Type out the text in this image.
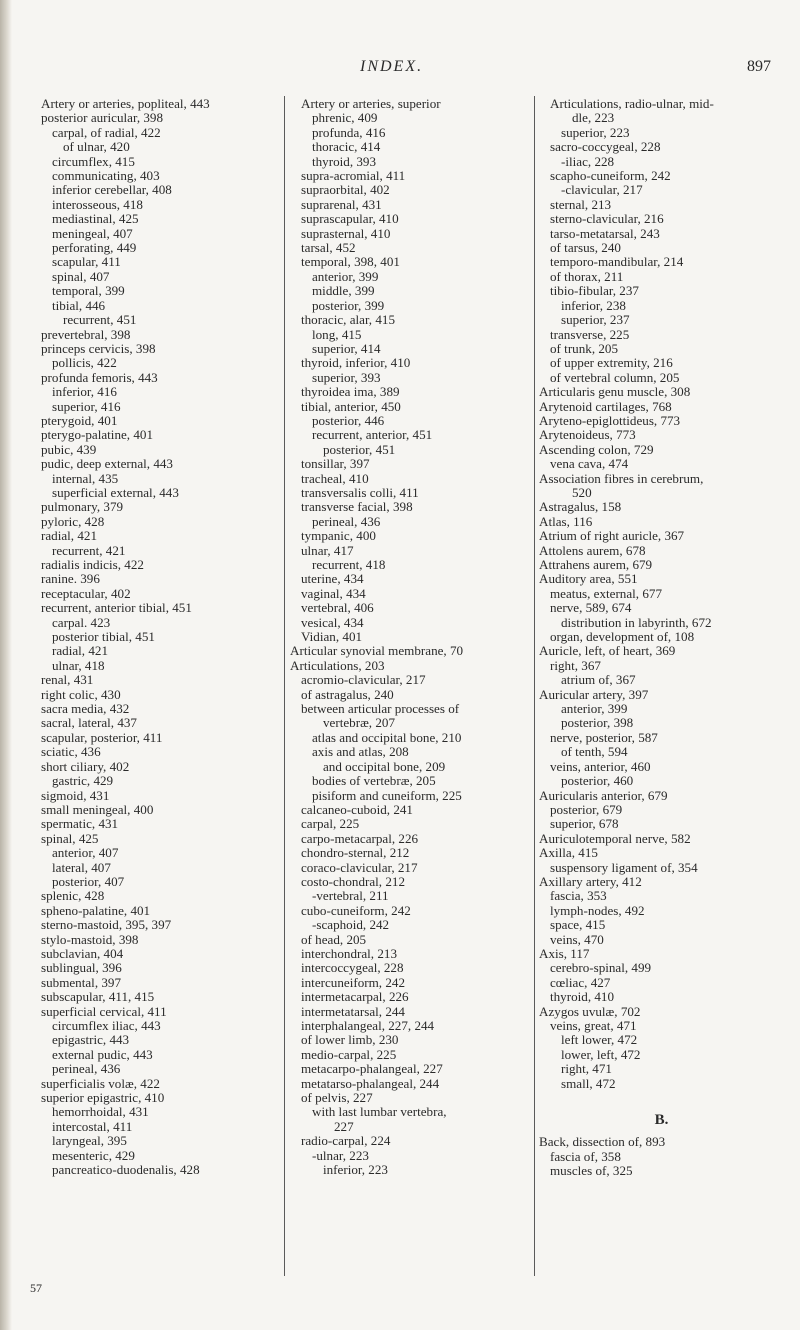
INDEX.	897
Artery or arteries, popliteal, 443
posterior auricular, 398
carpal, of radial, 422
of ulnar, 420
circumflex, 415
communicating, 403
inferior cerebellar, 408
interosseous, 418
mediastinal, 425
meningeal, 407
perforating, 449
scapular, 411
spinal, 407
temporal, 399
tibial, 446
recurrent, 451
prevertebral, 398
princeps cervicis, 398
pollicis, 422
profunda femoris, 443
inferior, 416
superior, 416
pterygoid, 401
pterygo-palatine, 401
pubic, 439
pudic, deep external, 443
internal, 435
superficial external, 443
pulmonary, 379
pyloric, 428
radial, 421
recurrent, 421
radialis indicis, 422
ranine. 396
receptacular, 402
recurrent, anterior tibial, 451
carpal. 423
posterior tibial, 451
radial, 421
ulnar, 418
renal, 431
right colic, 430
sacra media, 432
sacral, lateral, 437
scapular, posterior, 411
sciatic, 436
short ciliary, 402
gastric, 429
sigmoid, 431
small meningeal, 400
spermatic, 431
spinal, 425
anterior, 407
lateral, 407
posterior, 407
splenic, 428
spheno-palatine, 401
sterno-mastoid, 395, 397
stylo-mastoid, 398
subclavian, 404
sublingual, 396
submental, 397
subscapular, 411, 415
superficial cervical, 411
circumflex iliac, 443
epigastric, 443
external pudic, 443
perineal, 436
superficialis volæ, 422
superior epigastric, 410
hemorrhoidal, 431
intercostal, 411
laryngeal, 395
mesenteric, 429
pancreatico-duodenalis, 428
Artery or arteries, superior
phrenic, 409
profunda, 416
thoracic, 414
thyroid, 393
supra-acromial, 411
supraorbital, 402
suprarenal, 431
suprascapular, 410
suprasternal, 410
tarsal, 452
temporal, 398, 401
anterior, 399
middle, 399
posterior, 399
thoracic, alar, 415
long, 415
superior, 414
thyroid, inferior, 410
superior, 393
thyroidea ima, 389
tibial, anterior, 450
posterior, 446
recurrent, anterior, 451
posterior, 451
tonsillar, 397
tracheal, 410
transversalis colli, 411
transverse facial, 398
perineal, 436
tympanic, 400
ulnar, 417
recurrent, 418
uterine, 434
vaginal, 434
vertebral, 406
vesical, 434
Vidian, 401
Articular synovial membrane, 70
Articulations, 203
acromio-clavicular, 217
of astragalus, 240
between articular processes of
vertebræ, 207
atlas and occipital bone, 210
axis and atlas, 208
and occipital bone, 209
bodies of vertebræ, 205
pisiform and cuneiform, 225
calcaneo-cuboid, 241
carpal, 225
carpo-metacarpal, 226
chondro-sternal, 212
coraco-clavicular, 217
costo-chondral, 212
-vertebral, 211
cubo-cuneiform, 242
-scaphoid, 242
of head, 205
interchondral, 213
intercoccygeal, 228
intercuneiform, 242
intermetacarpal, 226
intermetatarsal, 244
interphalangeal, 227, 244
of lower limb, 230
medio-carpal, 225
metacarpo-phalangeal, 227
metatarso-phalangeal, 244
of pelvis, 227
with last lumbar vertebra,
227
radio-carpal, 224
-ulnar, 223
inferior, 223
Articulations, radio-ulnar, mid-
dle, 223
superior, 223
sacro-coccygeal, 228
-iliac, 228
scapho-cuneiform, 242
-clavicular, 217
sternal, 213
sterno-clavicular, 216
tarso-metatarsal, 243
of tarsus, 240
temporo-mandibular, 214
of thorax, 211
tibio-fibular, 237
inferior, 238
superior, 237
transverse, 225
of trunk, 205
of upper extremity, 216
of vertebral column, 205
Articularis genu muscle, 308
Arytenoid cartilages, 768
Aryteno-epiglottideus, 773
Arytenoideus, 773
Ascending colon, 729
vena cava, 474
Association fibres in cerebrum,
520
Astragalus, 158
Atlas, 116
Atrium of right auricle, 367
Attolens aurem, 678
Attrahens aurem, 679
Auditory area, 551
meatus, external, 677
nerve, 589, 674
distribution in labyrinth, 672
organ, development of, 108
Auricle, left, of heart, 369
right, 367
atrium of, 367
Auricular artery, 397
anterior, 399
posterior, 398
nerve, posterior, 587
of tenth, 594
veins, anterior, 460
posterior, 460
Auricularis anterior, 679
posterior, 679
superior, 678
Auriculotemporal nerve, 582
Axilla, 415
suspensory ligament of, 354
Axillary artery, 412
fascia, 353
lymph-nodes, 492
space, 415
veins, 470
Axis, 117
cerebro-spinal, 499
cœliac, 427
thyroid, 410
Azygos uvulæ, 702
veins, great, 471
left lower, 472
lower, left, 472
right, 471
small, 472
B.
Back, dissection of, 893
fascia of, 358
muscles of, 325
57
